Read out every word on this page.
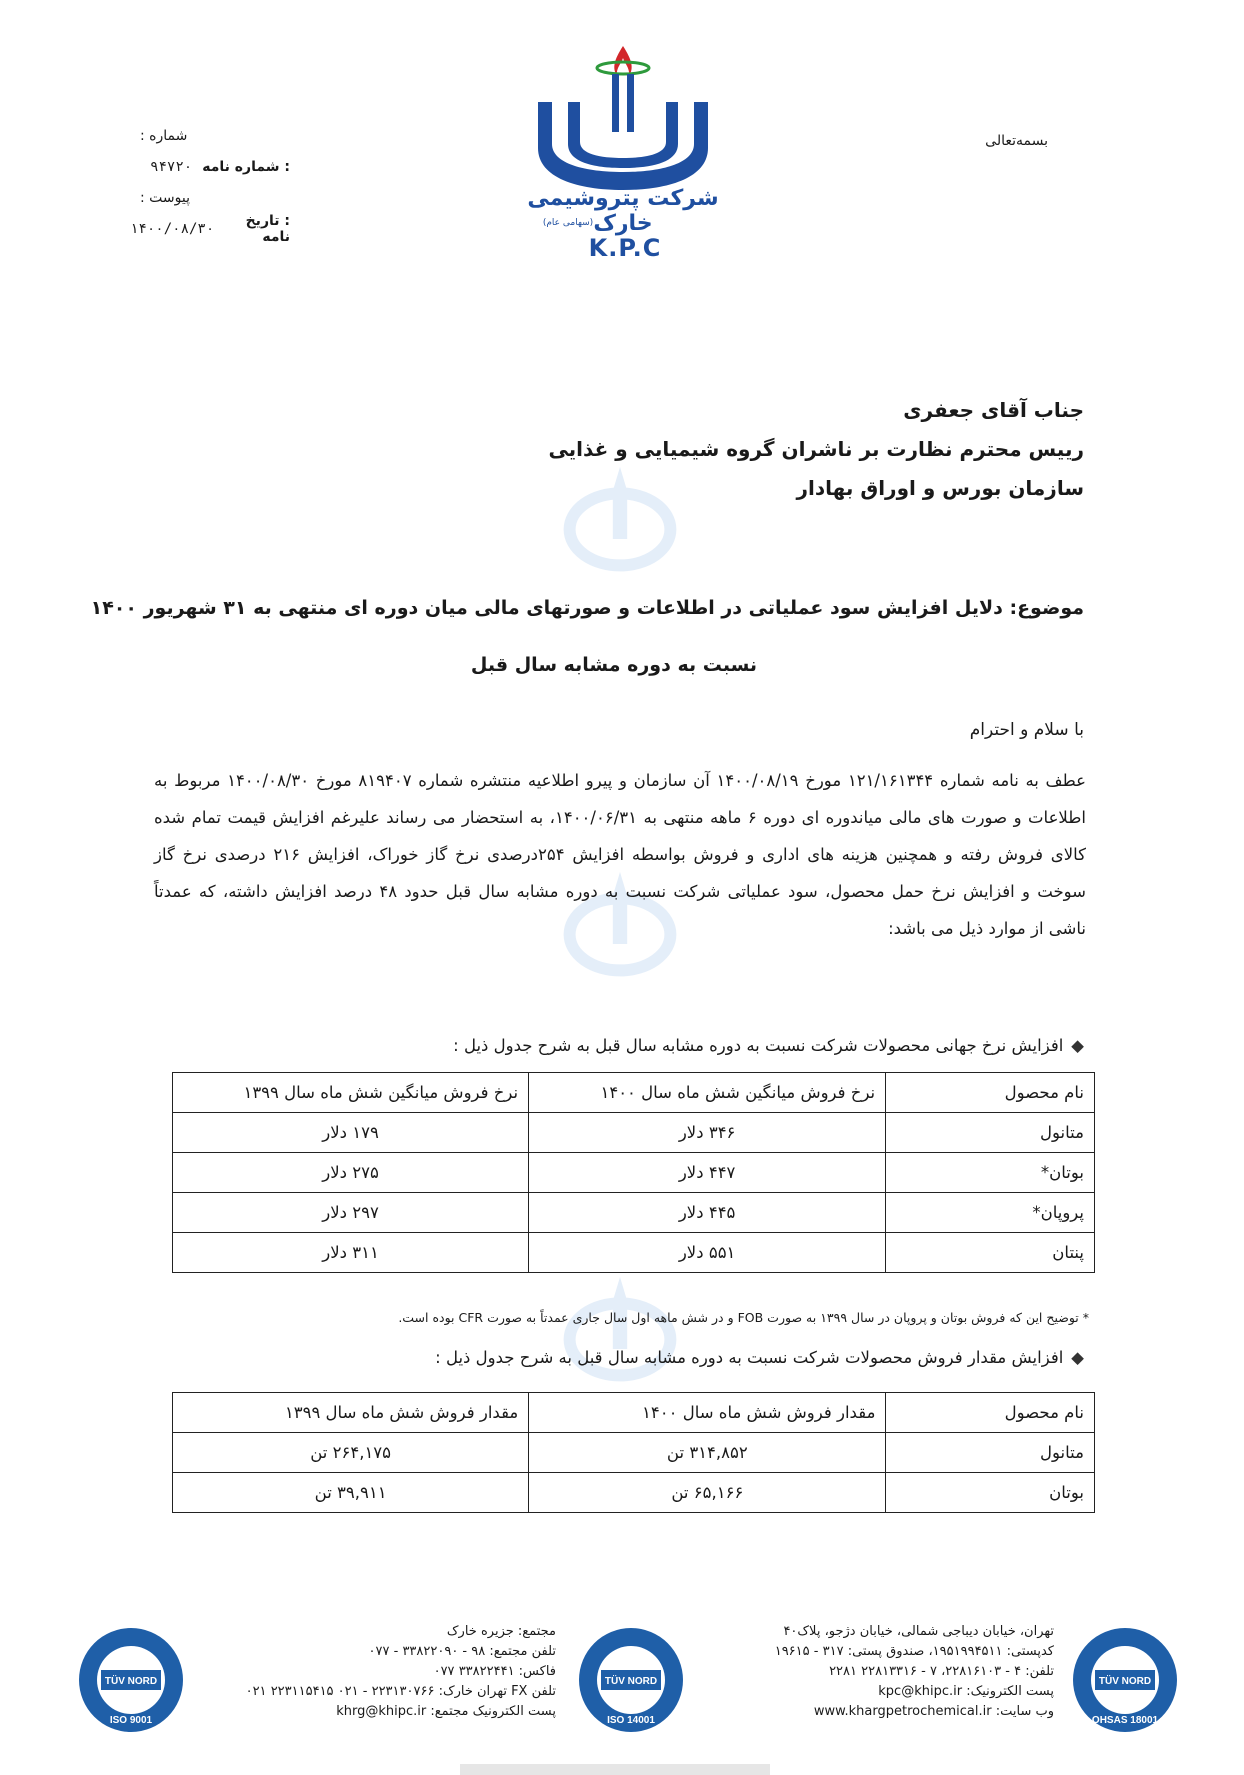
شماره :
: شماره نامه
۹۴۷۲۰
پیوست :
: تاریخ نامه
۱۴۰۰/۰۸/۳۰
بسمه‌تعالی
شرکت پتروشیمی خارک
(سهامی عام)
K.P.C
جناب آقای جعفری
رییس محترم نظارت بر ناشران گروه شیمیایی و غذایی
سازمان بورس و اوراق بهادار
موضوع: دلایل افزایش سود عملیاتی در اطلاعات و صورتهای مالی میان دوره ای منتهی به ۳۱ شهریور ۱۴۰۰
نسبت به دوره مشابه سال قبل
با سلام و احترام
عطف به نامه شماره ۱۲۱/۱۶۱۳۴۴ مورخ ۱۴۰۰/۰۸/۱۹ آن سازمان و پیرو اطلاعیه منتشره شماره ۸۱۹۴۰۷ مورخ ۱۴۰۰/۰۸/۳۰ مربوط به اطلاعات و صورت های مالی میاندوره ای دوره ۶ ماهه منتهی به ۱۴۰۰/۰۶/۳۱، به استحضار می رساند علیرغم افزایش قیمت تمام شده کالای فروش رفته و همچنین هزینه های اداری و فروش بواسطه افزایش ۲۵۴درصدی نرخ گاز خوراک، افزایش ۲۱۶ درصدی نرخ گاز سوخت و افزایش نرخ حمل محصول، سود عملیاتی شرکت نسبت به دوره مشابه سال قبل حدود ۴۸ درصد افزایش داشته، که عمدتاً ناشی از موارد ذیل می باشد:
◆افزایش نرخ جهانی محصولات شرکت نسبت به دوره مشابه سال قبل به شرح جدول ذیل :
نام محصول	نرخ فروش میانگین شش ماه سال ۱۴۰۰	نرخ فروش میانگین شش ماه سال ۱۳۹۹
متانول	۳۴۶ دلار	۱۷۹ دلار
بوتان*	۴۴۷ دلار	۲۷۵ دلار
پروپان*	۴۴۵ دلار	۲۹۷ دلار
پنتان	۵۵۱ دلار	۳۱۱ دلار
* توضیح این که فروش بوتان و پروپان در سال ۱۳۹۹ به صورت FOB و در شش ماهه اول سال جاری عمدتاً به صورت CFR بوده است.
◆افزایش مقدار فروش محصولات شرکت نسبت به دوره مشابه سال قبل به شرح جدول ذیل :
نام محصول	مقدار فروش شش ماه سال ۱۴۰۰	مقدار فروش شش ماه سال ۱۳۹۹
متانول	۳۱۴,۸۵۲ تن	۲۶۴,۱۷۵ تن
بوتان	۶۵,۱۶۶ تن	۳۹,۹۱۱ تن
TÜV NORD
OHSAS 18001
TÜV NORD
ISO 14001
TÜV NORD
ISO 9001
تهران، خیابان دیباجی شمالی، خیابان دژجو، پلاک۴۰
کدپستی: ۱۹۵۱۹۹۴۵۱۱، صندوق پستی: ۳۱۷ - ۱۹۶۱۵
تلفن: ۴ - ۲۲۸۱۶۱۰۳، ۷ - ۲۲۸۱۳۳۱۶ ۲۲۸۱
پست الکترونیک: kpc@khipc.ir
وب سایت: www.khargpetrochemical.ir
مجتمع: جزیره خارک
تلفن مجتمع: ۹۸ - ۳۳۸۲۲۰۹۰ - ۰۷۷
فاکس: ۳۳۸۲۲۴۴۱ ۰۷۷
تلفن FX تهران خارک: ۲۲۳۱۳۰۷۶۶ - ۰۲۱ ۲۲۳۱۱۵۴۱۵ ۰۲۱
پست الکترونیک مجتمع: khrg@khipc.ir
